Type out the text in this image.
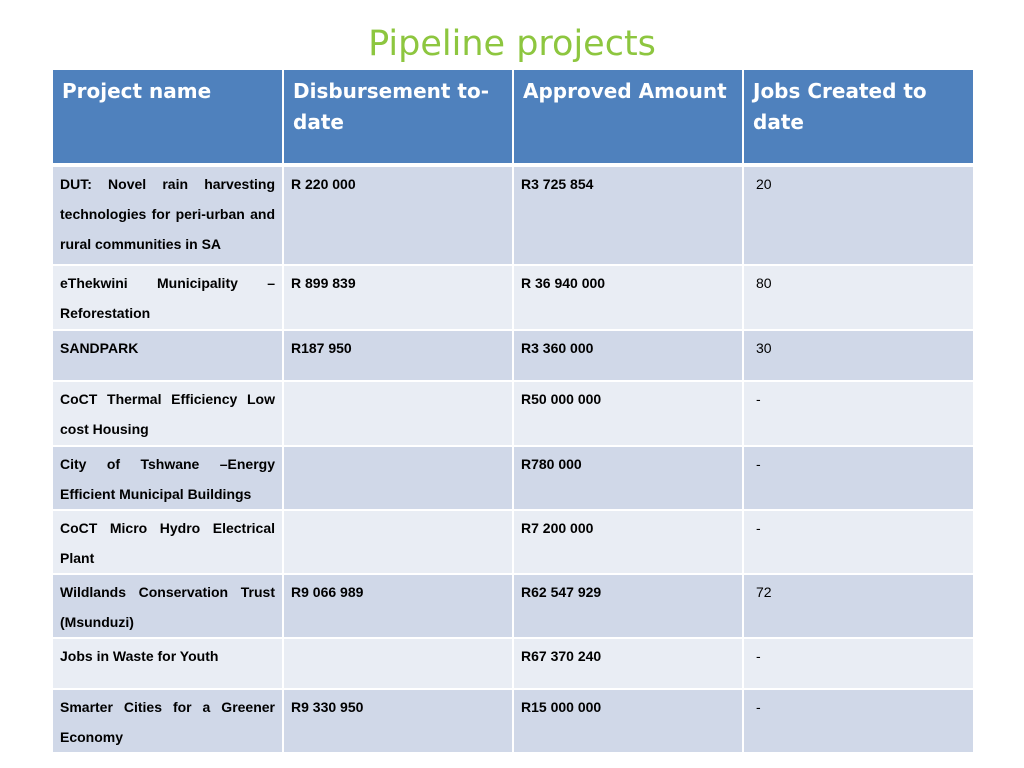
Pipeline projects
Project name	Disbursement to-date	Approved Amount	Jobs Created to date
DUT: Novel rain harvesting technologies for peri-urban and rural communities in SA	R 220 000	R3 725 854	20
eThekwini Municipality – Reforestation	R 899 839	R 36 940 000	80
SANDPARK	R187 950	R3 360 000	30
CoCT Thermal Efficiency Low cost Housing		R50 000 000	-
City of Tshwane –Energy Efficient Municipal Buildings		R780 000	-
CoCT Micro Hydro Electrical Plant		R7 200 000	-
Wildlands Conservation Trust (Msunduzi)	R9 066 989	R62 547 929	72
Jobs in Waste for Youth		R67 370 240	-
Smarter Cities for a Greener Economy	R9 330 950	R15 000 000	-
